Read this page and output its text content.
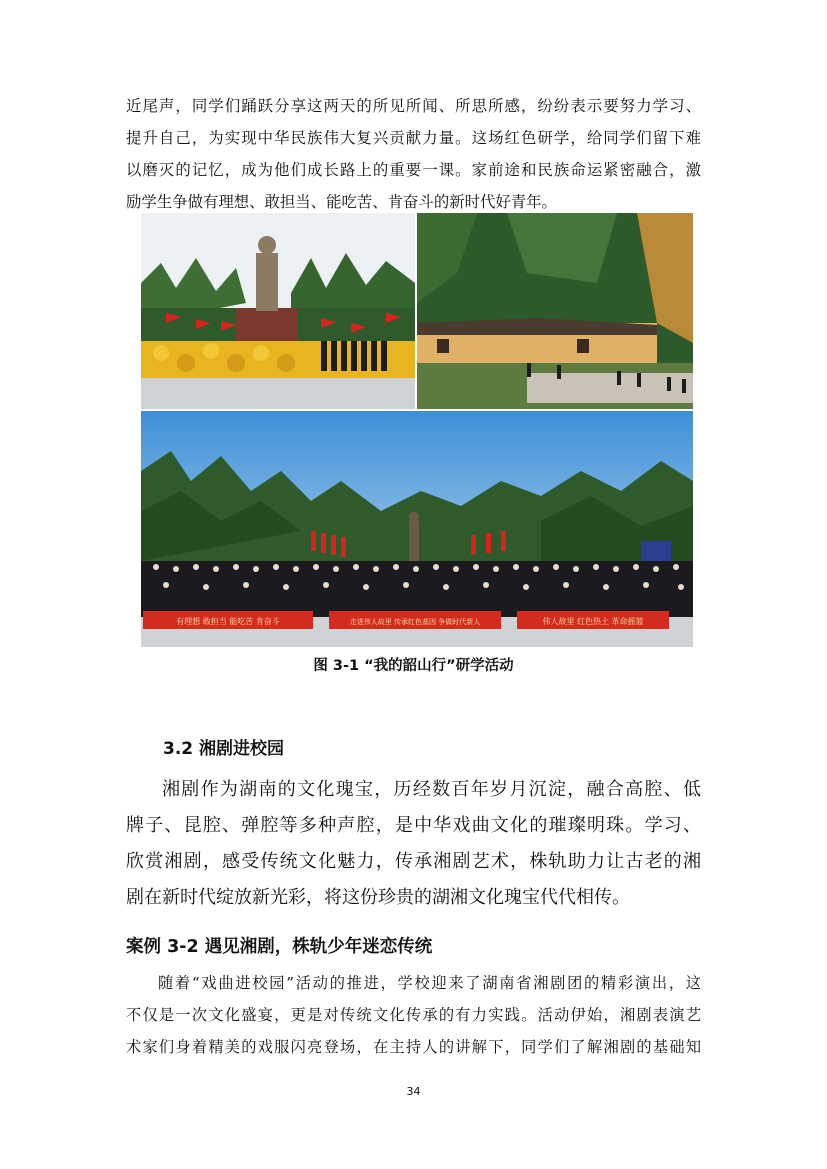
近尾声，同学们踊跃分享这两天的所见所闻、所思所感，纷纷表示要努力学习、
提升自己，为实现中华民族伟大复兴贡献力量。这场红色研学，给同学们留下难
以磨灭的记忆，成为他们成长路上的重要一课。家前途和民族命运紧密融合，激
励学生争做有理想、敢担当、能吃苦、肯奋斗的新时代好青年。
有理想 敢担当 能吃苦 肯奋斗	走进伟人故里 传承红色基因 争做时代新人	伟人故里 红色热土 革命摇篮
图 3-1 “我的韶山行”研学活动
3.2 湘剧进校园
湘剧作为湖南的文化瑰宝，历经数百年岁月沉淀，融合高腔、低
牌子、昆腔、弹腔等多种声腔，是中华戏曲文化的璀璨明珠。学习、
欣赏湘剧，感受传统文化魅力，传承湘剧艺术，株轨助力让古老的湘
剧在新时代绽放新光彩，将这份珍贵的湖湘文化瑰宝代代相传。
案例 3-2 遇见湘剧，株轨少年迷恋传统
随着“戏曲进校园”活动的推进，学校迎来了湖南省湘剧团的精彩演出，这
不仅是一次文化盛宴，更是对传统文化传承的有力实践。活动伊始，湘剧表演艺
术家们身着精美的戏服闪亮登场，在主持人的讲解下，同学们了解湘剧的基础知
34
